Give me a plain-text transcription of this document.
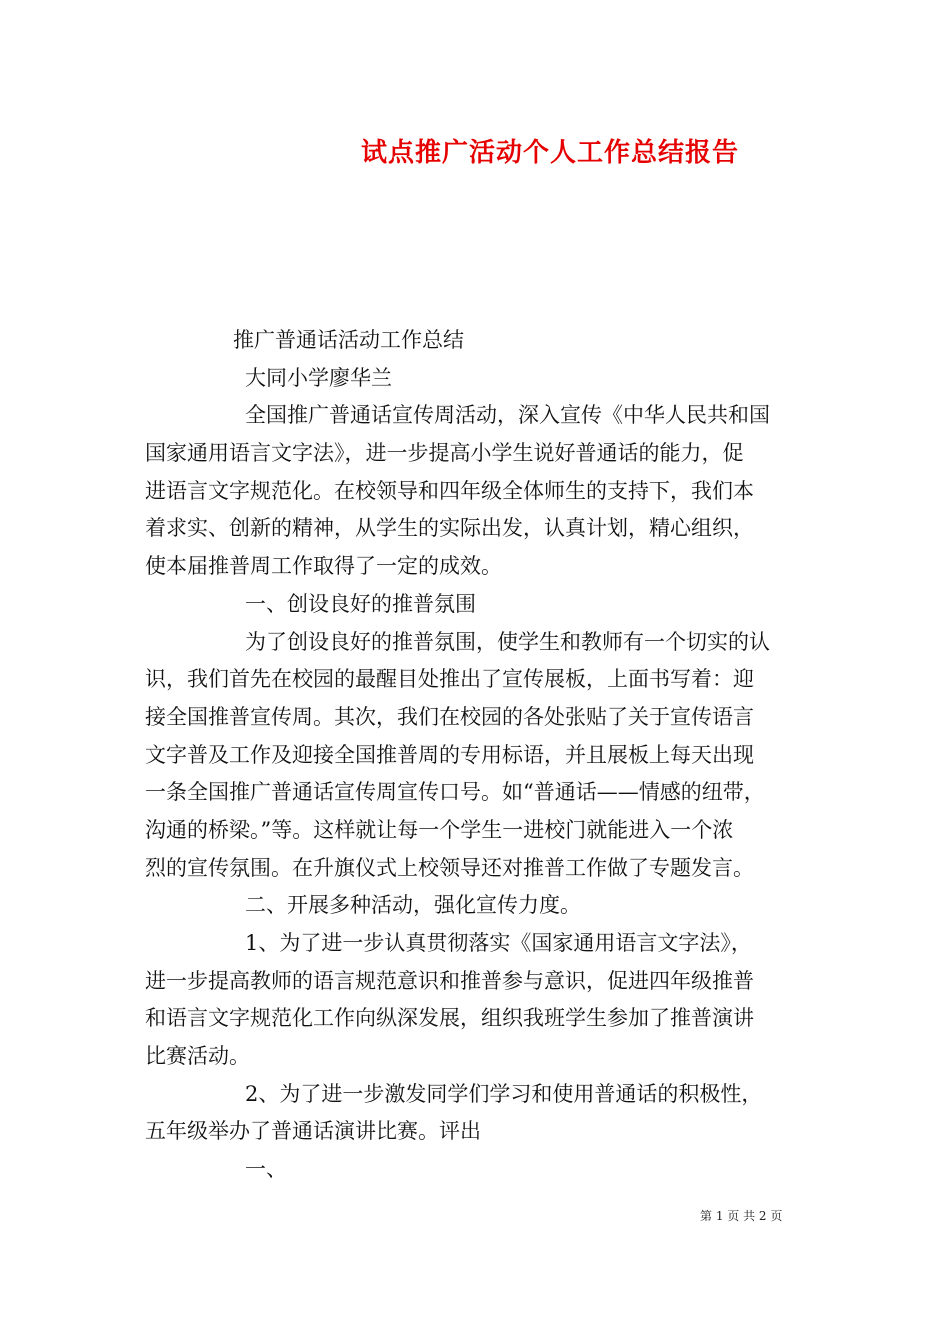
试点推广活动个人工作总结报告
推广普通话活动工作总结
大同小学廖华兰
全国推广普通话宣传周活动，深入宣传《中华人民共和国
国家通用语言文字法》，进一步提高小学生说好普通话的能力，促
进语言文字规范化。在校领导和四年级全体师生的支持下，我们本
着求实、创新的精神，从学生的实际出发，认真计划，精心组织，
使本届推普周工作取得了一定的成效。
一、创设良好的推普氛围
为了创设良好的推普氛围，使学生和教师有一个切实的认
识，我们首先在校园的最醒目处推出了宣传展板，上面书写着：迎
接全国推普宣传周。其次，我们在校园的各处张贴了关于宣传语言
文字普及工作及迎接全国推普周的专用标语，并且展板上每天出现
一条全国推广普通话宣传周宣传口号。如“普通话——情感的纽带，
沟通的桥梁。”等。这样就让每一个学生一进校门就能进入一个浓
烈的宣传氛围。在升旗仪式上校领导还对推普工作做了专题发言。
二、开展多种活动，强化宣传力度。
1、为了进一步认真贯彻落实《国家通用语言文字法》，
进一步提高教师的语言规范意识和推普参与意识，促进四年级推普
和语言文字规范化工作向纵深发展，组织我班学生参加了推普演讲
比赛活动。
2、为了进一步激发同学们学习和使用普通话的积极性，
五年级举办了普通话演讲比赛。评出
一、
第 1 页 共 2 页
